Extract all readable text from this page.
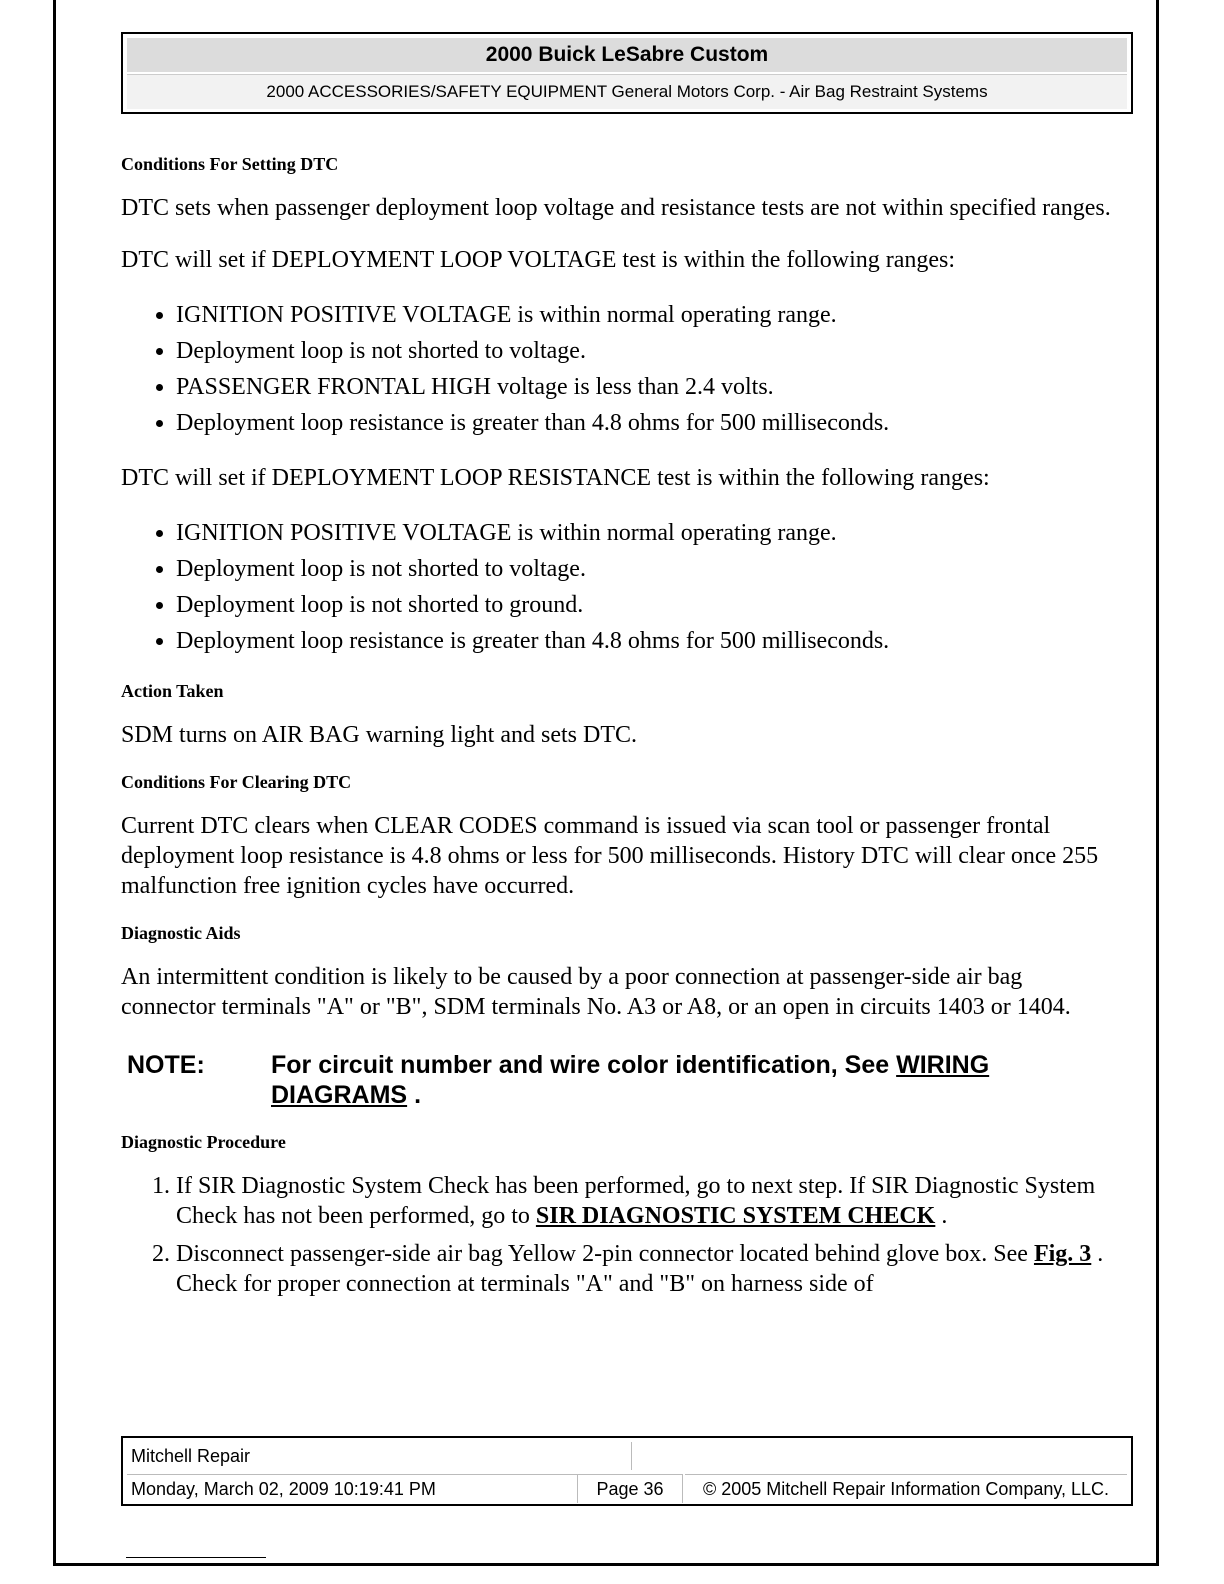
2000 Buick LeSabre Custom
2000 ACCESSORIES/SAFETY EQUIPMENT General Motors Corp. - Air Bag Restraint Systems
Conditions For Setting DTC
DTC sets when passenger deployment loop voltage and resistance tests are not within specified ranges.
DTC will set if DEPLOYMENT LOOP VOLTAGE test is within the following ranges:
• IGNITION POSITIVE VOLTAGE is within normal operating range.
• Deployment loop is not shorted to voltage.
• PASSENGER FRONTAL HIGH voltage is less than 2.4 volts.
• Deployment loop resistance is greater than 4.8 ohms for 500 milliseconds.
DTC will set if DEPLOYMENT LOOP RESISTANCE test is within the following ranges:
• IGNITION POSITIVE VOLTAGE is within normal operating range.
• Deployment loop is not shorted to voltage.
• Deployment loop is not shorted to ground.
• Deployment loop resistance is greater than 4.8 ohms for 500 milliseconds.
Action Taken
SDM turns on AIR BAG warning light and sets DTC.
Conditions For Clearing DTC
Current DTC clears when CLEAR CODES command is issued via scan tool or passenger frontal deployment loop resistance is 4.8 ohms or less for 500 milliseconds. History DTC will clear once 255 malfunction free ignition cycles have occurred.
Diagnostic Aids
An intermittent condition is likely to be caused by a poor connection at passenger-side air bag connector terminals "A" or "B", SDM terminals No. A3 or A8, or an open in circuits 1403 or 1404.
NOTE:	For circuit number and wire color identification, See WIRING DIAGRAMS .
Diagnostic Procedure
1. If SIR Diagnostic System Check has been performed, go to next step. If SIR Diagnostic System Check has not been performed, go to SIR DIAGNOSTIC SYSTEM CHECK .
2. Disconnect passenger-side air bag Yellow 2-pin connector located behind glove box. See Fig. 3 . Check for proper connection at terminals "A" and "B" on harness side of
Mitchell Repair
Monday, March 02, 2009 10:19:41 PM	Page 36	© 2005 Mitchell Repair Information Company, LLC.
